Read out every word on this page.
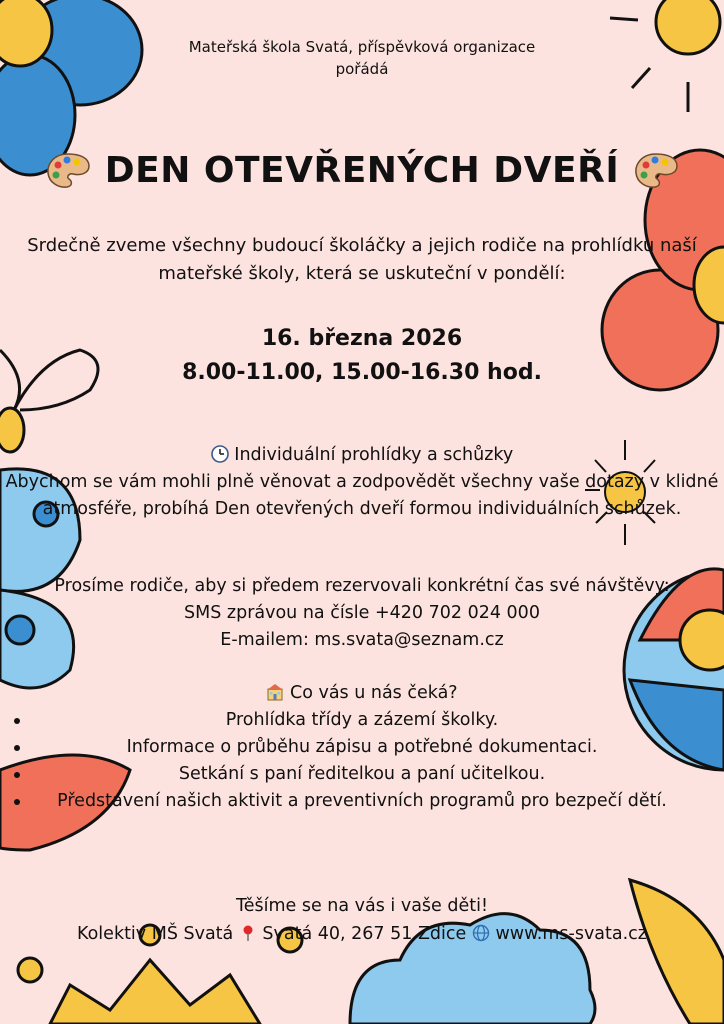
Mateřská škola Svatá, příspěvková organizace
pořádá

DEN OTEVŘENÝCH DVEŘÍ

Srdečně zveme všechny budoucí školáčky a jejich rodiče na prohlídku naší
mateřské školy, která se uskuteční v pondělí:

16. března 2026
8.00-11.00, 15.00-16.30 hod.

Individuální prohlídky a schůzky
Abychom se vám mohli plně věnovat a zodpovědět všechny vaše dotazy v klidné
atmosféře, probíhá Den otevřených dveří formou individuálních schůzek.

Prosíme rodiče, aby si předem rezervovali konkrétní čas své návštěvy:
SMS zprávou na čísle +420 702 024 000
E-mailem: ms.svata@seznam.cz

Co vás u nás čeká?

Prohlídka třídy a zázemí školky.
Informace o průběhu zápisu a potřebné dokumentaci.
Setkání s paní ředitelkou a paní učitelkou.
Představení našich aktivit a preventivních programů pro bezpečí dětí.

Těšíme se na vás i vaše děti!
Kolektiv MŠ Svatá Svatá 40, 267 51 Zdice www.ms-svata.cz
